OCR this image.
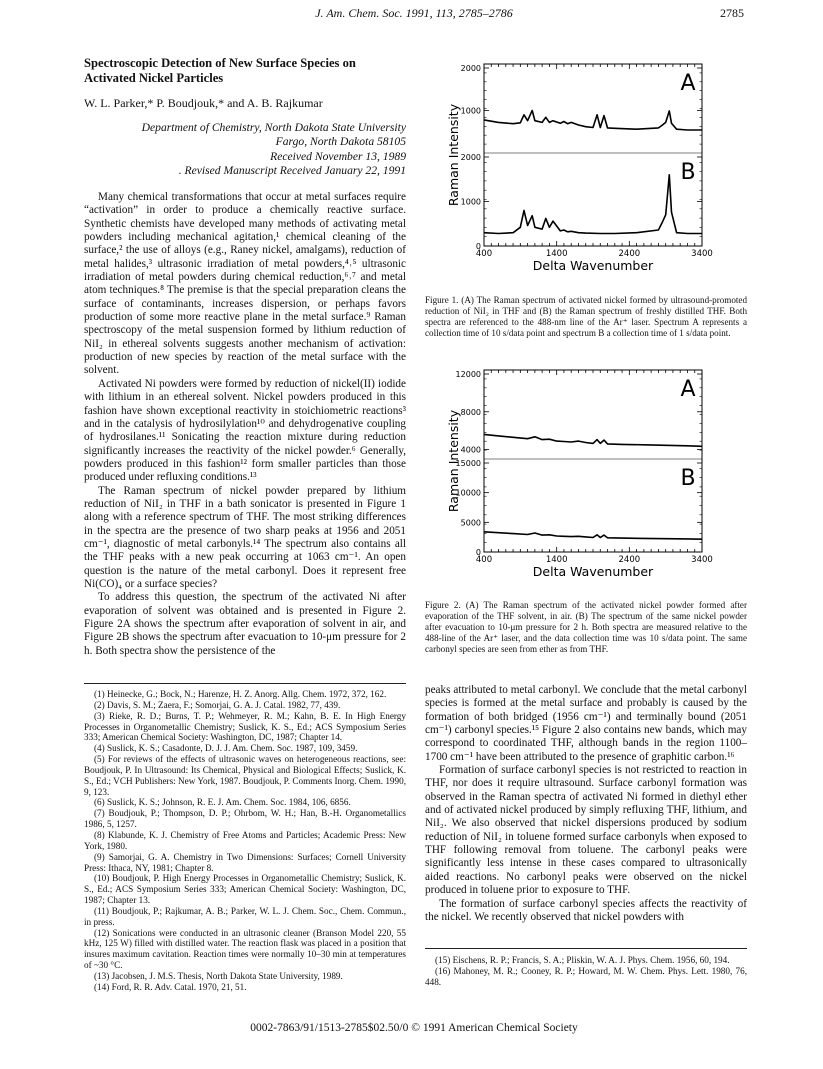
J. Am. Chem. Soc. 1991, 113, 2785–2786	2785
Spectroscopic Detection of New Surface Species on Activated Nickel Particles
W. L. Parker,* P. Boudjouk,* and A. B. Rajkumar
Department of Chemistry, North Dakota State University
Fargo, North Dakota 58105
Received November 13, 1989
. Revised Manuscript Received January 22, 1991

Many chemical transformations that occur at metal surfaces require “activation” in order to produce a chemically reactive surface. Synthetic chemists have developed many methods of activating metal powders including mechanical agitation,¹ chemical cleaning of the surface,² the use of alloys (e.g., Raney nickel, amalgams), reduction of metal halides,³ ultrasonic irradiation of metal powders,⁴˒⁵ ultrasonic irradiation of metal powders during chemical reduction,⁶˒⁷ and metal atom techniques.⁸ The premise is that the special preparation cleans the surface of contaminants, increases dispersion, or perhaps favors production of some more reactive plane in the metal surface.⁹ Raman spectroscopy of the metal suspension formed by lithium reduction of NiI₂ in ethereal solvents suggests another mechanism of activation: production of new species by reaction of the metal surface with the solvent.

Activated Ni powders were formed by reduction of nickel(II) iodide with lithium in an ethereal solvent. Nickel powders produced in this fashion have shown exceptional reactivity in stoichiometric reactions³ and in the catalysis of hydrosilylation¹⁰ and dehydrogenative coupling of hydrosilanes.¹¹ Sonicating the reaction mixture during reduction significantly increases the reactivity of the nickel powder.⁶ Generally, powders produced in this fashion¹² form smaller particles than those produced under refluxing conditions.¹³

The Raman spectrum of nickel powder prepared by lithium reduction of NiI₂ in THF in a bath sonicator is presented in Figure 1 along with a reference spectrum of THF. The most striking differences in the spectra are the presence of two sharp peaks at 1956 and 2051 cm⁻¹, diagnostic of metal carbonyls.¹⁴ The spectrum also contains all the THF peaks with a new peak occurring at 1063 cm⁻¹. An open question is the nature of the metal carbonyl. Does it represent free Ni(CO)₄ or a surface species?

To address this question, the spectrum of the activated Ni after evaporation of solvent was obtained and is presented in Figure 2. Figure 2A shows the spectrum after evaporation of solvent in air, and Figure 2B shows the spectrum after evacuation to 10-μm pressure for 2 h. Both spectra show the persistence of the

(1) Heinecke, G.; Bock, N.; Harenze, H. Z. Anorg. Allg. Chem. 1972, 372, 162.
(2) Davis, S. M.; Zaera, F.; Somorjai, G. A. J. Catal. 1982, 77, 439.
(3) Rieke, R. D.; Burns, T. P.; Wehmeyer, R. M.; Kahn, B. E. In High Energy Processes in Organometallic Chemistry; Suslick, K. S., Ed.; ACS Symposium Series 333; American Chemical Society: Washington, DC, 1987; Chapter 14.
(4) Suslick, K. S.; Casadonte, D. J. J. Am. Chem. Soc. 1987, 109, 3459.
(5) For reviews of the effects of ultrasonic waves on heterogeneous reactions, see: Boudjouk, P. In Ultrasound: Its Chemical, Physical and Biological Effects; Suslick, K. S., Ed.; VCH Publishers: New York, 1987. Boudjouk, P. Comments Inorg. Chem. 1990, 9, 123.
(6) Suslick, K. S.; Johnson, R. E. J. Am. Chem. Soc. 1984, 106, 6856.
(7) Boudjouk, P.; Thompson, D. P.; Ohrbom, W. H.; Han, B.-H. Organometallics 1986, 5, 1257.
(8) Klabunde, K. J. Chemistry of Free Atoms and Particles; Academic Press: New York, 1980.
(9) Samorjai, G. A. Chemistry in Two Dimensions: Surfaces; Cornell University Press: Ithaca, NY, 1981; Chapter 8.
(10) Boudjouk, P. High Energy Processes in Organometallic Chemistry; Suslick, K. S., Ed.; ACS Symposium Series 333; American Chemical Society: Washington, DC, 1987; Chapter 13.
(11) Boudjouk, P.; Rajkumar, A. B.; Parker, W. L. J. Chem. Soc., Chem. Commun., in press.
(12) Sonications were conducted in an ultrasonic cleaner (Branson Model 220, 55 kHz, 125 W) filled with distilled water. The reaction flask was placed in a position that insures maximum cavitation. Reaction times were normally 10–30 min at temperatures of ~30 °C.
(13) Jacobsen, J. M.S. Thesis, North Dakota State University, 1989.
(14) Ford, R. R. Adv. Catal. 1970, 21, 51.
400	1400	2400	3400
Delta Wavenumber
Raman Intensity 1000
2000
A
0
1000
2000
B
Figure 1. (A) The Raman spectrum of activated nickel formed by ultrasound-promoted reduction of NiI₂ in THF and (B) the Raman spectrum of freshly distilled THF. Both spectra are referenced to the 488-nm line of the Ar⁺ laser. Spectrum A represents a collection time of 10 s/data point and spectrum B a collection time of 1 s/data point.
400	1400	2400	3400
Delta Wavenumber
Raman Intensity 4000
8000
12000
A
0
5000
10000
15000
B
Figure 2. (A) The Raman spectrum of the activated nickel powder formed after evaporation of the THF solvent, in air. (B) The spectrum of the same nickel powder after evacuation to 10-μm pressure for 2 h. Both spectra are measured relative to the 488-line of the Ar⁺ laser, and the data collection time was 10 s/data point. The same carbonyl species are seen from ether as from THF.

peaks attributed to metal carbonyl. We conclude that the metal carbonyl species is formed at the metal surface and probably is caused by the formation of both bridged (1956 cm⁻¹) and terminally bound (2051 cm⁻¹) carbonyl species.¹⁵ Figure 2 also contains new bands, which may correspond to coordinated THF, although bands in the region 1100–1700 cm⁻¹ have been attributed to the presence of graphitic carbon.¹⁶

Formation of surface carbonyl species is not restricted to reaction in THF, nor does it require ultrasound. Surface carbonyl formation was observed in the Raman spectra of activated Ni formed in diethyl ether and of activated nickel produced by simply refluxing THF, lithium, and NiI₂. We also observed that nickel dispersions produced by sodium reduction of NiI₂ in toluene formed surface carbonyls when exposed to THF following removal from toluene. The carbonyl peaks were significantly less intense in these cases compared to ultrasonically aided reactions. No carbonyl peaks were observed on the nickel produced in toluene prior to exposure to THF.

The formation of surface carbonyl species affects the reactivity of the nickel. We recently observed that nickel powders with

(15) Eischens, R. P.; Francis, S. A.; Pliskin, W. A. J. Phys. Chem. 1956, 60, 194.
(16) Mahoney, M. R.; Cooney, R. P.; Howard, M. W. Chem. Phys. Lett. 1980, 76, 448.
0002-7863/91/1513-2785$02.50/0 © 1991 American Chemical Society
